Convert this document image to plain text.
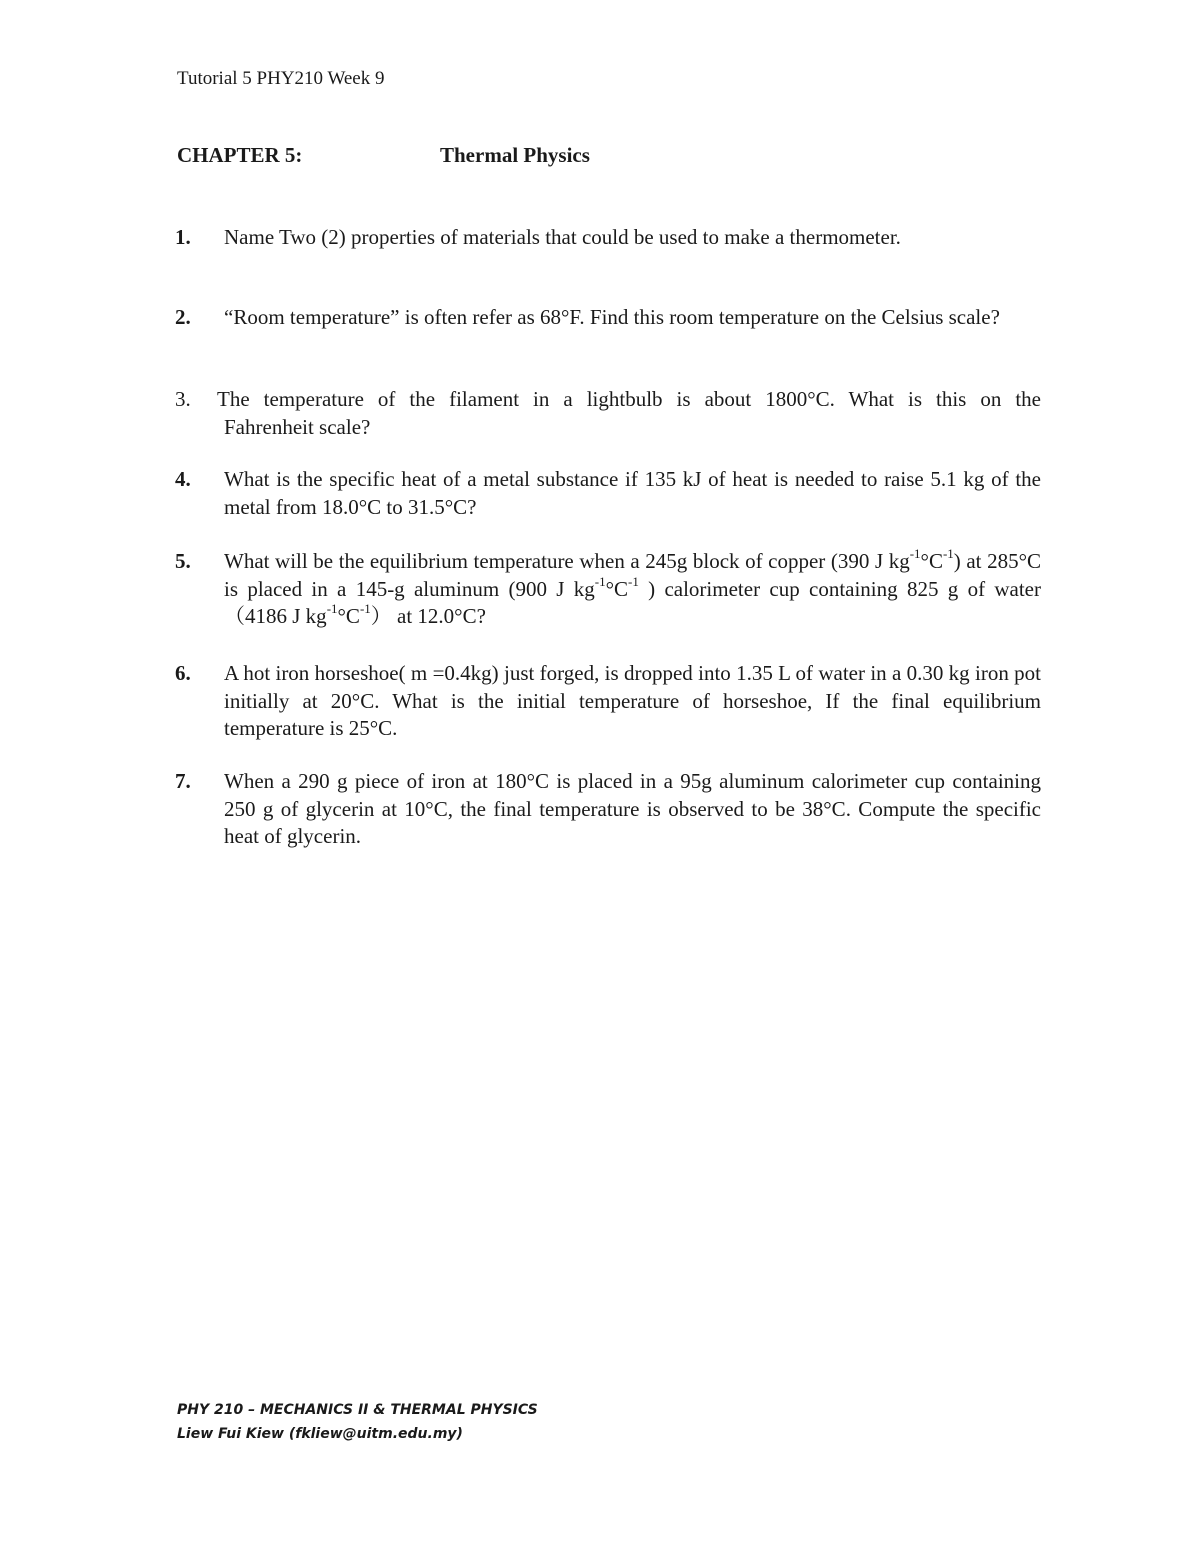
Tutorial 5 PHY210 Week 9
CHAPTER 5:	Thermal Physics
1.	Name Two (2) properties of materials that could be used to make a thermometer.
2.	“Room temperature” is often refer as 68°F. Find this room temperature on the Celsius scale?
3.	The temperature of the filament in a lightbulb is about 1800°C. What is this on the
Fahrenheit scale?
4.	What is the specific heat of a metal substance if 135 kJ of heat is needed to raise 5.1 kg of the metal from 18.0°C to 31.5°C?
5.	What will be the equilibrium temperature when a 245g block of copper (390 J $kg^{-1}^\circ C^{-1}$) at 285°C is placed in a 145-g aluminum (900 J $kg^{-1}^\circ C^{-1}$ ) calorimeter cup containing 825 g of water （4186 J $kg^{-1}^\circ C^{-1}$） at 12.0°C?
6.	A hot iron horseshoe( m =0.4kg) just forged, is dropped into 1.35 L of water in a 0.30 kg iron pot initially at 20°C. What is the initial temperature of horseshoe, If the final equilibrium temperature is 25°C.
7.	When a 290 g piece of iron at 180°C is placed in a 95g aluminum calorimeter cup containing 250 g of glycerin at 10°C, the final temperature is observed to be 38°C. Compute the specific heat of glycerin.
PHY 210 – MECHANICS II & THERMAL PHYSICS
Liew Fui Kiew (fkliew@uitm.edu.my)
